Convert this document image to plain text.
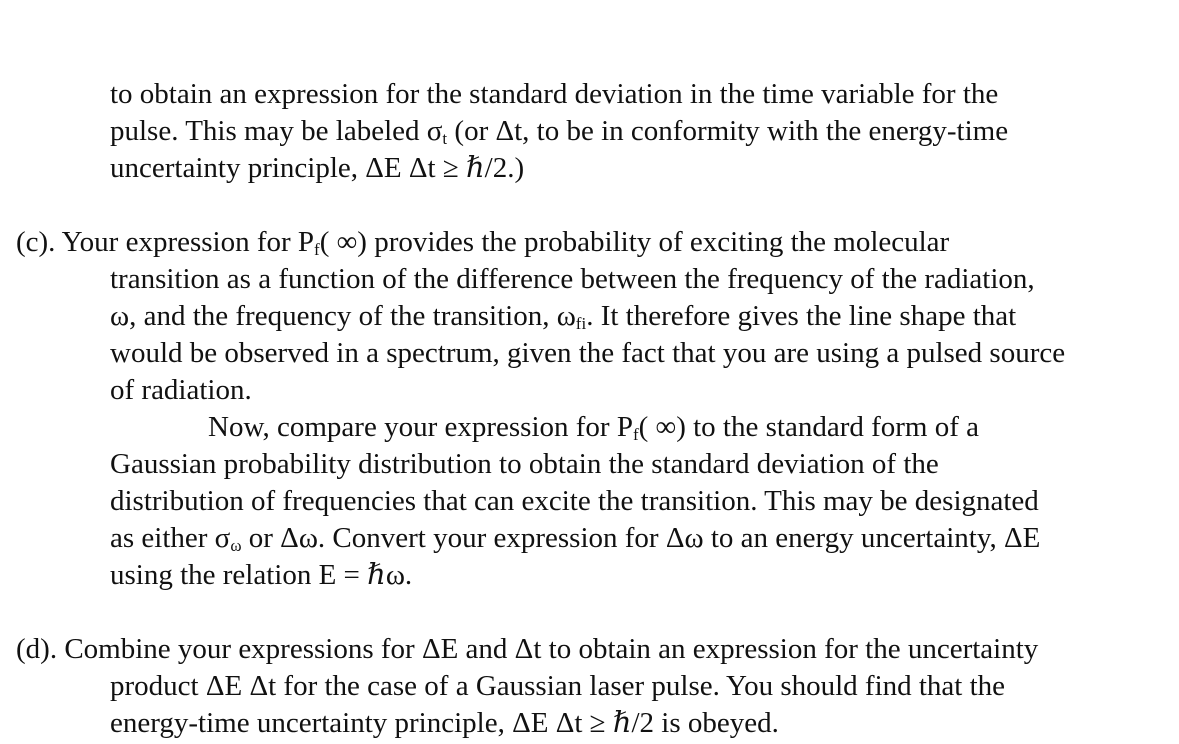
to obtain an expression for the standard deviation in the time variable for the
pulse. This may be labeled $\sigma_t$ (or Δt, to be in conformity with the energy-time
uncertainty principle, ΔE Δt ≥ ℏ/2.)
(c). Your expression for $P_f$( ∞) provides the probability of exciting the molecular
transition as a function of the difference between the frequency of the radiation,
ω, and the frequency of the transition, $\omega_{fi}$. It therefore gives the line shape that
would be observed in a spectrum, given the fact that you are using a pulsed source
of radiation.
Now, compare your expression for $P_f$( ∞) to the standard form of a
Gaussian probability distribution to obtain the standard deviation of the
distribution of frequencies that can excite the transition. This may be designated
as either $\sigma_\omega$ or Δω. Convert your expression for Δω to an energy uncertainty, ΔE
using the relation E = ℏω.
(d). Combine your expressions for ΔE and Δt to obtain an expression for the uncertainty
product ΔE Δt for the case of a Gaussian laser pulse. You should find that the
energy-time uncertainty principle, ΔE Δt ≥ ℏ/2 is obeyed.
